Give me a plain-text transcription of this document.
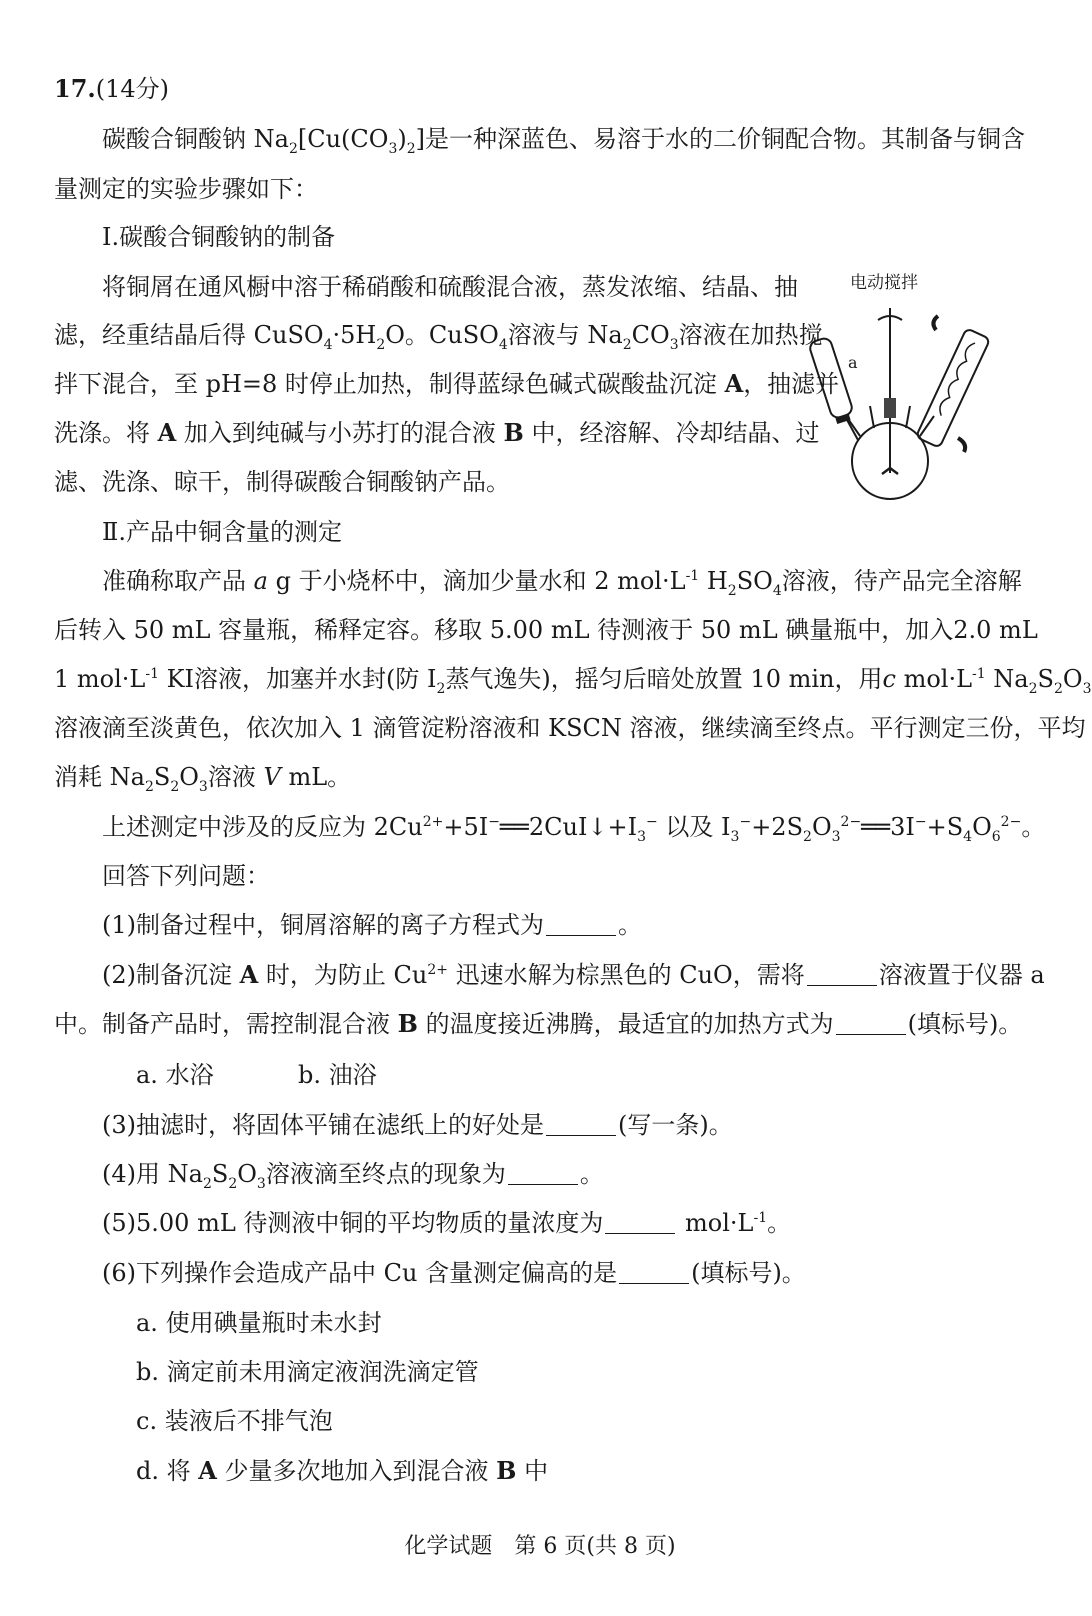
17.(14分)
碳酸合铜酸钠 $Na_2[Cu(CO_3)_2]$是一种深蓝色、易溶于水的二价铜配合物。其制备与铜含
量测定的实验步骤如下：
Ⅰ.碳酸合铜酸钠的制备
将铜屑在通风橱中溶于稀硝酸和硫酸混合液，蒸发浓缩、结晶、抽
滤，经重结晶后得 $CuSO_4\cdot 5H_2O$。CuSO$_4$溶液与 $Na_2CO_3$溶液在加热搅
拌下混合，至 pH=8 时停止加热，制得蓝绿色碱式碳酸盐沉淀 A，抽滤并
洗涤。将 A 加入到纯碱与小苏打的混合液 B 中，经溶解、冷却结晶、过
滤、洗涤、晾干，制得碳酸合铜酸钠产品。
电动搅拌
a
Ⅱ.产品中铜含量的测定
准确称取产品 a g 于小烧杯中，滴加少量水和 2 $mol\cdot L^{-1}$ $H_2SO_4$溶液，待产品完全溶解
后转入 50 mL 容量瓶，稀释定容。移取 5.00 mL 待测液于 50 mL 碘量瓶中，加入2.0 mL
1 $mol\cdot L^{-1}$ KI溶液，加塞并水封(防 $I_2$蒸气逸失)，摇匀后暗处放置 10 min，用c $mol\cdot L^{-1}$ $Na_2S_2O_3$
溶液滴至淡黄色，依次加入 1 滴管淀粉溶液和 KSCN 溶液，继续滴至终点。平行测定三份，平均
消耗 $Na_2S_2O_3$溶液 V mL。
上述测定中涉及的反应为 $2Cu^{2+}+5I^-══2CuI↓+I_3^-$ 以及 $I_3^-+2S_2O_3^{2-}══3I^-+S_4O_6^{2-}$。
回答下列问题：
(1)制备过程中，铜屑溶解的离子方程式为	。
(2)制备沉淀 A 时，为防止 $Cu^{2+}$ 迅速水解为棕黑色的 CuO，需将	溶液置于仪器 a
中。制备产品时，需控制混合液 B 的温度接近沸腾，最适宜的加热方式为	(填标号)。
a. 水浴	b. 油浴
(3)抽滤时，将固体平铺在滤纸上的好处是	(写一条)。
(4)用 $Na_2S_2O_3$溶液滴至终点的现象为	。
(5)5.00 mL 待测液中铜的平均物质的量浓度为	$mol\cdot L^{-1}$。
(6)下列操作会造成产品中 Cu 含量测定偏高的是	(填标号)。
a. 使用碘量瓶时未水封
b. 滴定前未用滴定液润洗滴定管
c. 装液后不排气泡
d. 将 A 少量多次地加入到混合液 B 中
化学试题　第 6 页(共 8 页)
